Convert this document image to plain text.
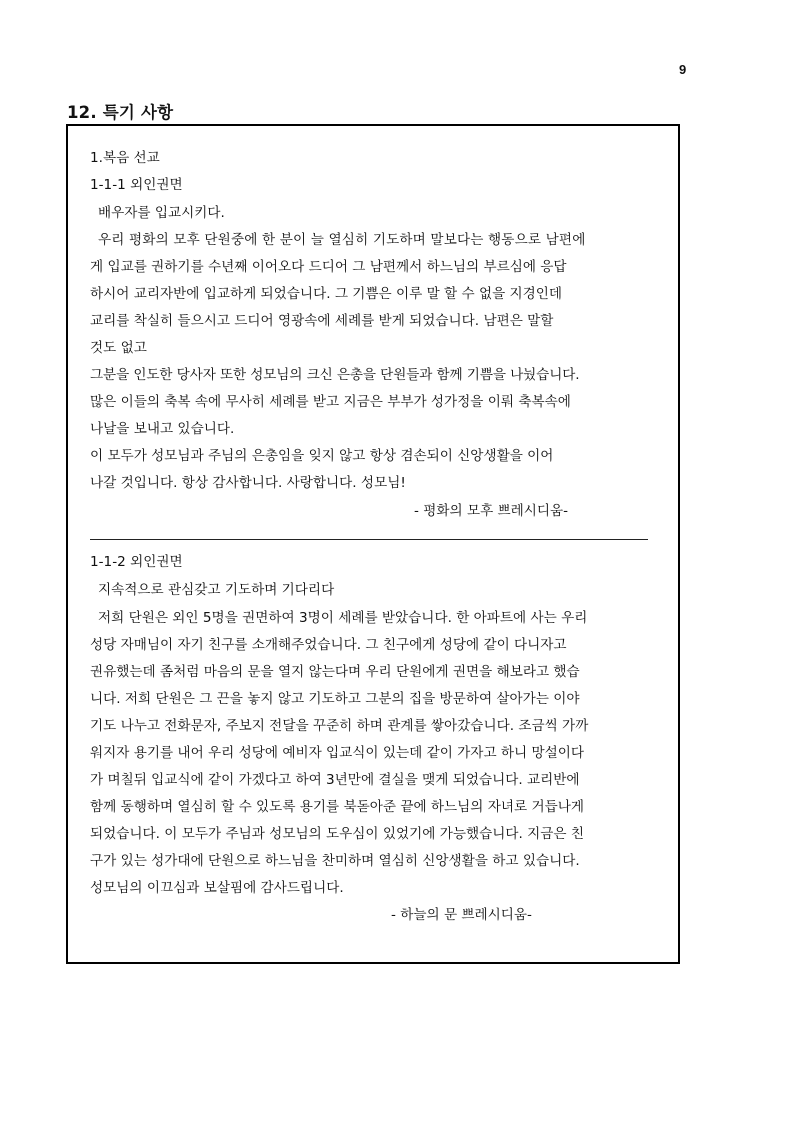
9
12. 특기 사항
1.복음 선교
1-1-1 외인권면
배우자를 입교시키다.
우리 평화의 모후 단원중에 한 분이 늘 열심히 기도하며 말보다는 행동으로 남편에
게 입교를 권하기를 수년째 이어오다 드디어 그 남편께서 하느님의 부르심에 응답
하시어 교리자반에 입교하게 되었습니다. 그 기쁨은 이루 말 할 수 없을 지경인데
교리를 착실히 들으시고 드디어 영광속에 세례를 받게 되었습니다. 남편은 말할
것도 없고
그분을 인도한 당사자 또한 성모님의 크신 은총을 단원들과 함께 기쁨을 나눴습니다.
많은 이들의 축복 속에 무사히 세례를 받고 지금은 부부가 성가정을 이뤄 축복속에
나날을 보내고 있습니다.
이 모두가 성모님과 주님의 은총임을 잊지 않고 항상 겸손되이 신앙생활을 이어
나갈 것입니다. 항상 감사합니다. 사랑합니다. 성모님!
- 평화의 모후 쁘레시디움-
1-1-2 외인권면
지속적으로 관심갖고 기도하며 기다리다
저희 단원은 외인 5명을 권면하여 3명이 세례를 받았습니다. 한 아파트에 사는 우리
성당 자매님이 자기 친구를 소개해주었습니다. 그 친구에게 성당에 같이 다니자고
권유했는데 좀처럼 마음의 문을 열지 않는다며 우리 단원에게 권면을 해보라고 했습
니다. 저희 단원은 그 끈을 놓지 않고 기도하고 그분의 집을 방문하여 살아가는 이야
기도 나누고 전화문자, 주보지 전달을 꾸준히 하며 관계를 쌓아갔습니다. 조금씩 가까
워지자 용기를 내어 우리 성당에 예비자 입교식이 있는데 같이 가자고 하니 망설이다
가 며칠뒤 입교식에 같이 가겠다고 하여 3년만에 결실을 맺게 되었습니다. 교리반에
함께 동행하며 열심히 할 수 있도록 용기를 북돋아준 끝에 하느님의 자녀로 거듭나게
되었습니다. 이 모두가 주님과 성모님의 도우심이 있었기에 가능했습니다. 지금은 친
구가 있는 성가대에 단원으로 하느님을 찬미하며 열심히 신앙생활을 하고 있습니다.
성모님의 이끄심과 보살핌에 감사드립니다.
- 하늘의 문 쁘레시디움-
